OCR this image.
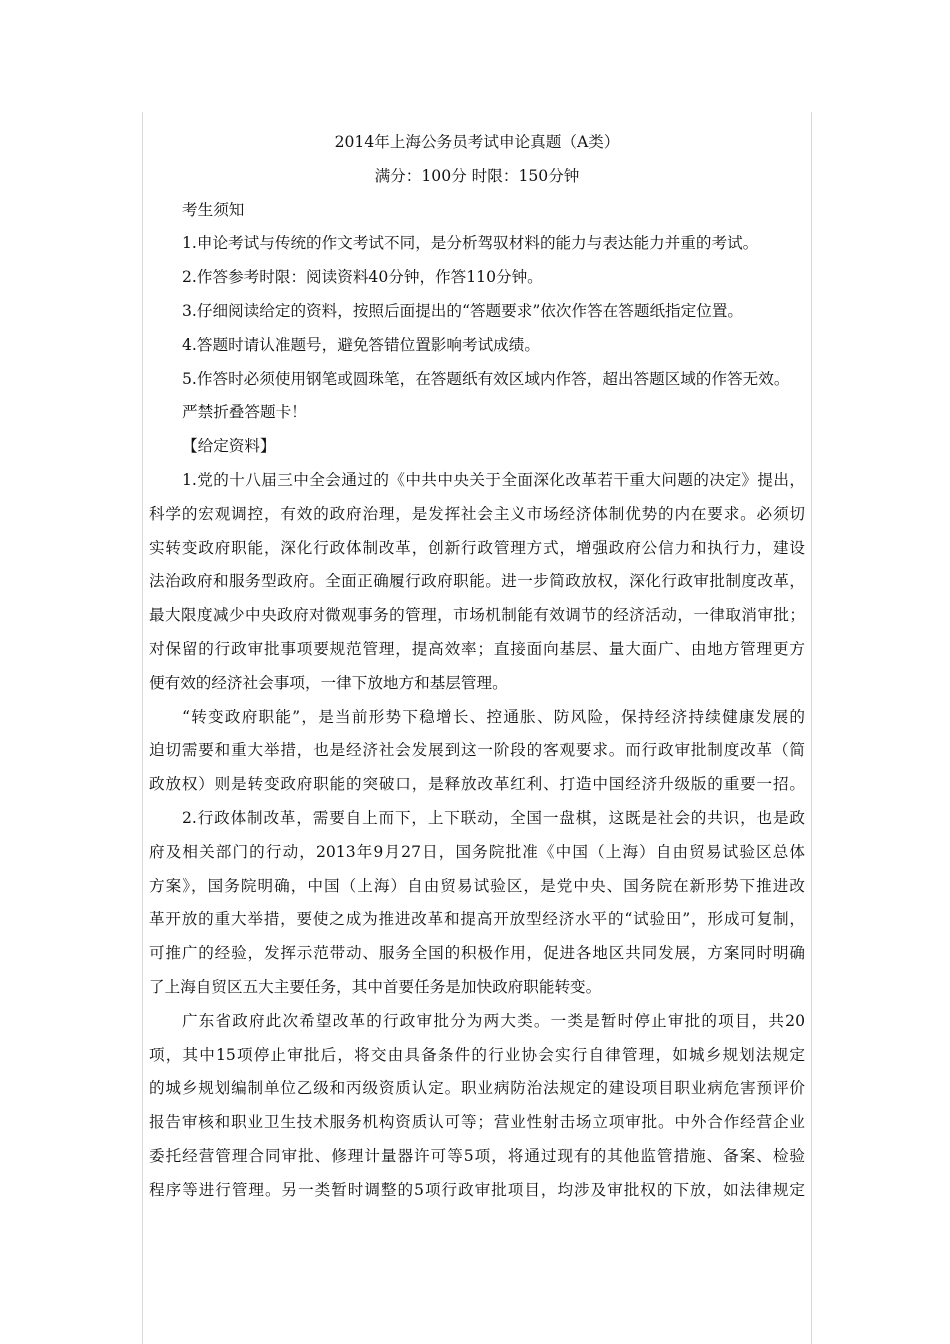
2014年上海公务员考试申论真题（A类）
满分：100分 时限：150分钟
考生须知
1.申论考试与传统的作文考试不同，是分析驾驭材料的能力与表达能力并重的考试。
2.作答参考时限：阅读资料40分钟，作答110分钟。
3.仔细阅读给定的资料，按照后面提出的“答题要求”依次作答在答题纸指定位置。
4.答题时请认准题号，避免答错位置影响考试成绩。
5.作答时必须使用钢笔或圆珠笔，在答题纸有效区域内作答，超出答题区域的作答无效。
严禁折叠答题卡！
【给定资料】
1.党的十八届三中全会通过的《中共中央关于全面深化改革若干重大问题的决定》提出，
科学的宏观调控，有效的政府治理，是发挥社会主义市场经济体制优势的内在要求。必须切
实转变政府职能，深化行政体制改革，创新行政管理方式，增强政府公信力和执行力，建设
法治政府和服务型政府。全面正确履行政府职能。进一步简政放权，深化行政审批制度改革，
最大限度减少中央政府对微观事务的管理，市场机制能有效调节的经济活动，一律取消审批；
对保留的行政审批事项要规范管理，提高效率；直接面向基层、量大面广、由地方管理更方
便有效的经济社会事项，一律下放地方和基层管理。
“转变政府职能”，是当前形势下稳增长、控通胀、防风险，保持经济持续健康发展的
迫切需要和重大举措，也是经济社会发展到这一阶段的客观要求。而行政审批制度改革（简
政放权）则是转变政府职能的突破口，是释放改革红利、打造中国经济升级版的重要一招。
2.行政体制改革，需要自上而下，上下联动，全国一盘棋，这既是社会的共识，也是政
府及相关部门的行动，2013年9月27日，国务院批准《中国（上海）自由贸易试验区总体
方案》，国务院明确，中国（上海）自由贸易试验区，是党中央、国务院在新形势下推进改
革开放的重大举措，要使之成为推进改革和提高开放型经济水平的“试验田”，形成可复制，
可推广的经验，发挥示范带动、服务全国的积极作用，促进各地区共同发展，方案同时明确
了上海自贸区五大主要任务，其中首要任务是加快政府职能转变。
广东省政府此次希望改革的行政审批分为两大类。一类是暂时停止审批的项目，共20
项，其中15项停止审批后，将交由具备条件的行业协会实行自律管理，如城乡规划法规定
的城乡规划编制单位乙级和丙级资质认定。职业病防治法规定的建设项目职业病危害预评价
报告审核和职业卫生技术服务机构资质认可等；营业性射击场立项审批。中外合作经营企业
委托经营管理合同审批、修理计量器许可等5项，将通过现有的其他监管措施、备案、检验
程序等进行管理。另一类暂时调整的5项行政审批项目，均涉及审批权的下放，如法律规定
